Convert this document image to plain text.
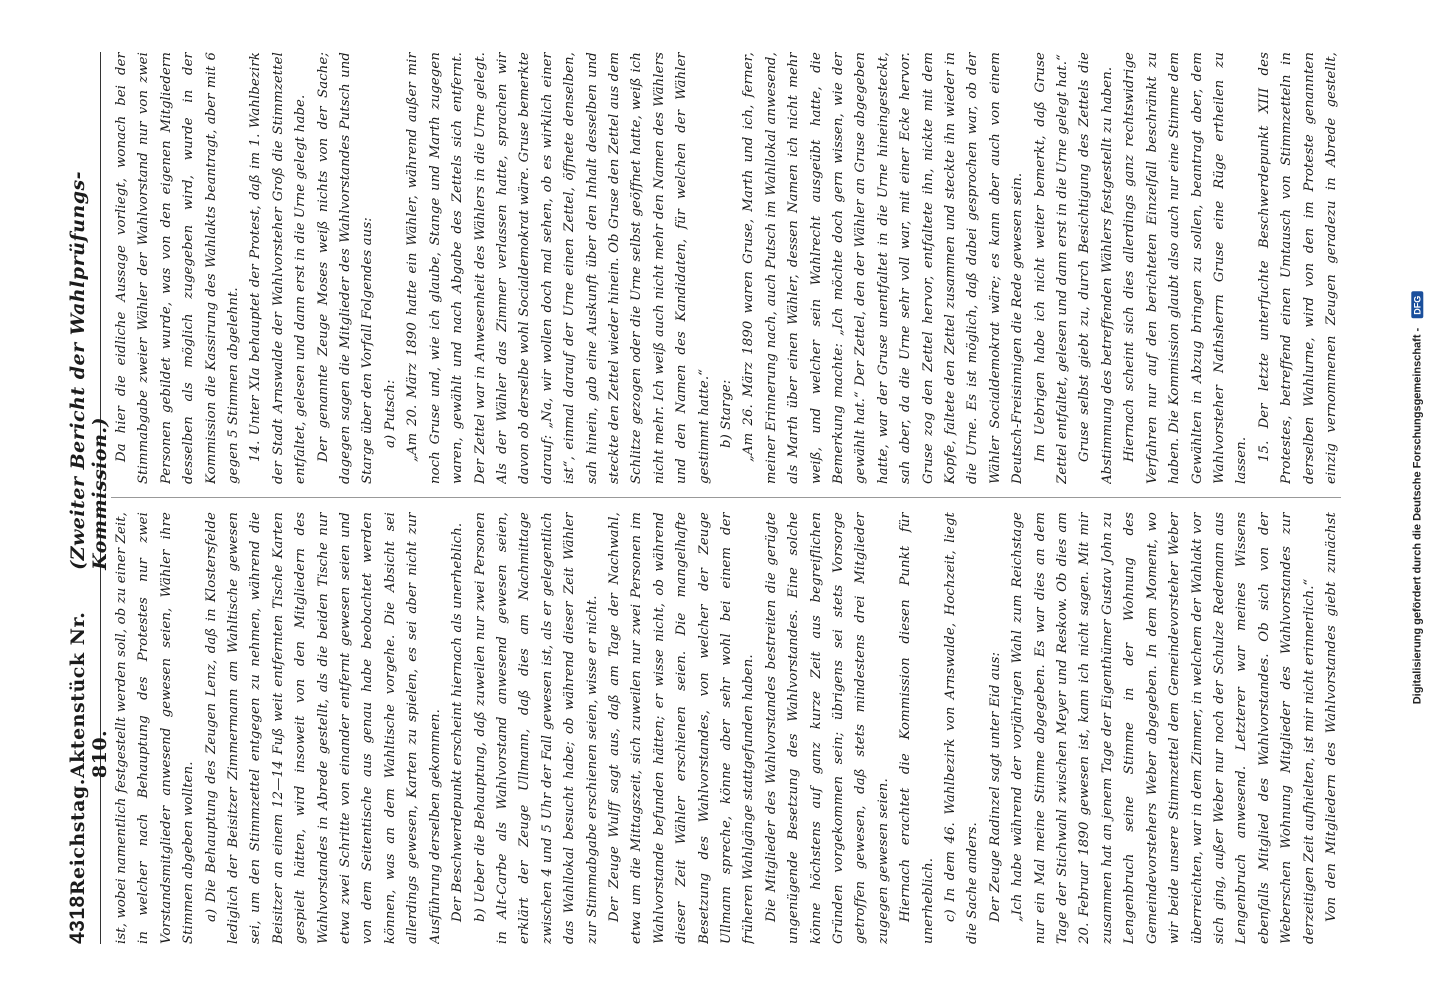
4318
Reichstag.
Aktenstück Nr. 810.
(Zweiter Bericht der Wahlprüfungs-Kommission.)

ist, wobei namentlich festgestellt werden soll, ob zu einer Zeit, in welcher nach Behauptung des Protestes nur zwei Vorstandsmitglieder anwesend gewesen seien, Wähler ihre Stimmen abgeben wollten. a) Die Behauptung des Zeugen Lenz, daß in Klostersfelde lediglich der Beisitzer Zimmermann am Wahltische gewesen sei, um den Stimmzettel entgegen zu nehmen, während die Beisitzer an einem 12—14 Fuß weit entfernten Tische Karten gespielt hätten, wird insoweit von den Mitgliedern des Wahlvorstandes in Abrede gestellt, als die beiden Tische nur etwa zwei Schritte von einander entfernt gewesen seien und von dem Seitentische aus genau habe beobachtet werden können, was an dem Wahltische vorgehe. Die Absicht sei allerdings gewesen, Karten zu spielen, es sei aber nicht zur Ausführung derselben gekommen. Der Beschwerdepunkt erscheint hiernach als unerheblich. b) Ueber die Behauptung, daß zuweilen nur zwei Personen in Alt-Carbe als Wahlvorstand anwesend gewesen seien, erklärt der Zeuge Ullmann, daß dies am Nachmittage zwischen 4 und 5 Uhr der Fall gewesen ist, als er gelegentlich das Wahllokal besucht habe; ob während dieser Zeit Wähler zur Stimmabgabe erschienen seien, wisse er nicht. Der Zeuge Wulff sagt aus, daß am Tage der Nachwahl, etwa um die Mittagszeit, sich zuweilen nur zwei Personen im Wahlvorstande befunden hätten; er wisse nicht, ob während dieser Zeit Wähler erschienen seien. Die mangelhafte Besetzung des Wahlvorstandes, von welcher der Zeuge Ullmann spreche, könne aber sehr wohl bei einem der früheren Wahlgänge stattgefunden haben. Die Mitglieder des Wahlvorstandes bestreiten die gerügte ungenügende Besetzung des Wahlvorstandes. Eine solche könne höchstens auf ganz kurze Zeit aus begreiflichen Gründen vorgekommen sein; übrigens sei stets Vorsorge getroffen gewesen, daß stets mindestens drei Mitglieder zugegen gewesen seien. Hiernach erachtet die Kommission diesen Punkt für unerheblich. c) In dem 46. Wahlbezirk von Arnswalde, Hochzeit, liegt die Sache anders. Der Zeuge Radinzel sagt unter Eid aus: „Ich habe während der vorjährigen Wahl zum Reichstage nur ein Mal meine Stimme abgegeben. Es war dies an dem Tage der Stichwahl zwischen Meyer und Reskow. Ob dies am 20. Februar 1890 gewesen ist, kann ich nicht sagen. Mit mir zusammen hat an jenem Tage der Eigenthümer Gustav John zu Lengenbruch seine Stimme in der Wohnung des Gemeindevorstehers Weber abgegeben. In dem Moment, wo wir beide unsere Stimmzettel dem Gemeindevorsteher Weber überreichten, war in dem Zimmer, in welchem der Wahlakt vor sich ging, außer Weber nur noch der Schulze Redemann aus Lengenbruch anwesend. Letzterer war meines Wissens ebenfalls Mitglied des Wahlvorstandes. Ob sich von der Weberschen Wohnung Mitglieder des Wahlvorstandes zur derzeitigen Zeit aufhielten, ist mir nicht erinnerlich.“ Von den Mitgliedern des Wahlvorstandes giebt zunächst

Da hier die eidliche Aussage vorliegt, wonach bei der Stimmabgabe zweier Wähler der Wahlvorstand nur von zwei Personen gebildet wurde, was von den eigenen Mitgliedern desselben als möglich zugegeben wird, wurde in der Kommission die Kassirung des Wahlakts beantragt, aber mit 6 gegen 5 Stimmen abgelehnt. 14. Unter XIa behauptet der Protest, daß im 1. Wahlbezirk der Stadt Arnswalde der Wahlvorsteher Groß die Stimmzettel entfaltet, gelesen und dann erst in die Urne gelegt habe. Der genannte Zeuge Moses weiß nichts von der Sache; dagegen sagen die Mitglieder des Wahlvorstandes Putsch und Starge über den Vorfall Folgendes aus: a) Putsch: „Am 20. März 1890 hatte ein Wähler, während außer mir noch Gruse und, wie ich glaube, Stange und Marth zugegen waren, gewählt und nach Abgabe des Zettels sich entfernt. Der Zettel war in Anwesenheit des Wählers in die Urne gelegt. Als der Wähler das Zimmer verlassen hatte, sprachen wir davon ob derselbe wohl Socialdemokrat wäre. Gruse bemerkte darauf: „Na, wir wollen doch mal sehen, ob es wirklich einer ist“, einmal darauf der Urne einen Zettel, öffnete denselben, sah hinein, gab eine Auskunft über den Inhalt desselben und steckte den Zettel wieder hinein. Ob Gruse den Zettel aus dem Schlitze gezogen oder die Urne selbst geöffnet hatte, weiß ich nicht mehr. Ich weiß auch nicht mehr den Namen des Wählers und den Namen des Kandidaten, für welchen der Wähler gestimmt hatte.“ b) Starge: „Am 26. März 1890 waren Gruse, Marth und ich, ferner, meiner Erinnerung nach, auch Putsch im Wahllokal anwesend, als Marth über einen Wähler, dessen Namen ich nicht mehr weiß, und welcher sein Wahlrecht ausgeübt hatte, die Bemerkung machte: „Ich möchte doch gern wissen, wie der gewählt hat.“ Der Zettel, den der Wähler an Gruse abgegeben hatte, war der Gruse unentfaltet in die Urne hineingesteckt, sah aber, da die Urne sehr voll war, mit einer Ecke hervor. Gruse zog den Zettel hervor, entfaltete ihn, nickte mit dem Kopfe, faltete den Zettel zusammen und steckte ihn wieder in die Urne. Es ist möglich, daß dabei gesprochen war, ob der Wähler Socialdemokrat wäre; es kann aber auch von einem Deutsch-Freisinnigen die Rede gewesen sein. Im Uebrigen habe ich nicht weiter bemerkt, daß Gruse Zettel entfaltet, gelesen und dann erst in die Urne gelegt hat.“ Gruse selbst giebt zu, durch Besichtigung des Zettels die Abstimmung des betreffenden Wählers festgestellt zu haben. Hiernach scheint sich dies allerdings ganz rechtswidrige Verfahren nur auf den berichteten Einzelfall beschränkt zu haben. Die Kommission glaubt also auch nur eine Stimme dem Gewählten in Abzug bringen zu sollen, beantragt aber, dem Wahlvorsteher Nathsherrn Gruse eine Rüge ertheilen zu lassen. 15. Der letzte unterfuchte Beschwerdepunkt XIII des Protestes, betreffend einen Umtausch von Stimmzetteln in derselben Wahlurne, wird von den im Proteste genannten einzig vernommenen Zeugen geradezu in Abrede gestellt,

Digitalisierung gefördert durch die Deutsche Forschungsgemeinschaft - DFG
